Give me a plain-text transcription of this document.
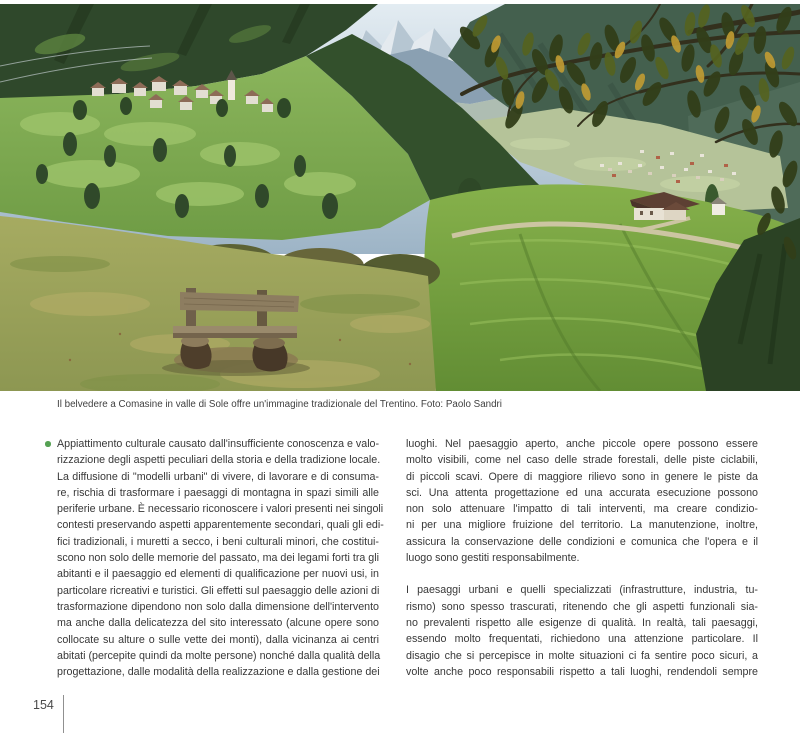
Il belvedere a Comasine in valle di Sole offre un'immagine tradizionale del Trentino. Foto: Paolo Sandri
Appiattimento culturale causato dall'insufficiente conoscenza e valo-
rizzazione degli aspetti peculiari della storia e della tradizione locale.
La diffusione di "modelli urbani" di vivere, di lavorare e di consuma-
re, rischia di trasformare i paesaggi di montagna in spazi simili alle
periferie urbane. È necessario riconoscere i valori presenti nei singoli
contesti preservando aspetti apparentemente secondari, quali gli edi-
fici tradizionali, i muretti a secco, i beni culturali minori, che costitui-
scono non solo delle memorie del passato, ma dei legami forti tra gli
abitanti e il paesaggio ed elementi di qualificazione per nuovi usi, in
particolare ricreativi e turistici. Gli effetti sul paesaggio delle azioni di
trasformazione dipendono non solo dalla dimensione dell'intervento
ma anche dalla delicatezza del sito interessato (alcune opere sono
collocate su alture o sulle vette dei monti), dalla vicinanza ai centri
abitati (percepite quindi da molte persone) nonché dalla qualità della
progettazione, dalle modalità della realizzazione e dalla gestione dei
luoghi. Nel paesaggio aperto, anche piccole opere possono essere
molto visibili, come nel caso delle strade forestali, delle piste ciclabili,
di piccoli scavi. Opere di maggiore rilievo sono in genere le piste da
sci. Una attenta progettazione ed una accurata esecuzione possono
non solo attenuare l'impatto di tali interventi, ma creare condizio-
ni per una migliore fruizione del territorio. La manutenzione, inoltre,
assicura la conservazione delle condizioni e comunica che l'opera e il
luogo sono gestiti responsabilmente.
I paesaggi urbani e quelli specializzati (infrastrutture, industria, tu-
rismo) sono spesso trascurati, ritenendo che gli aspetti funzionali sia-
no prevalenti rispetto alle esigenze di qualità. In realtà, tali paesaggi,
essendo molto frequentati, richiedono una attenzione particolare. Il
disagio che si percepisce in molte situazioni ci fa sentire poco sicuri, a
volte anche poco responsabili rispetto a tali luoghi, rendendoli sempre
154
